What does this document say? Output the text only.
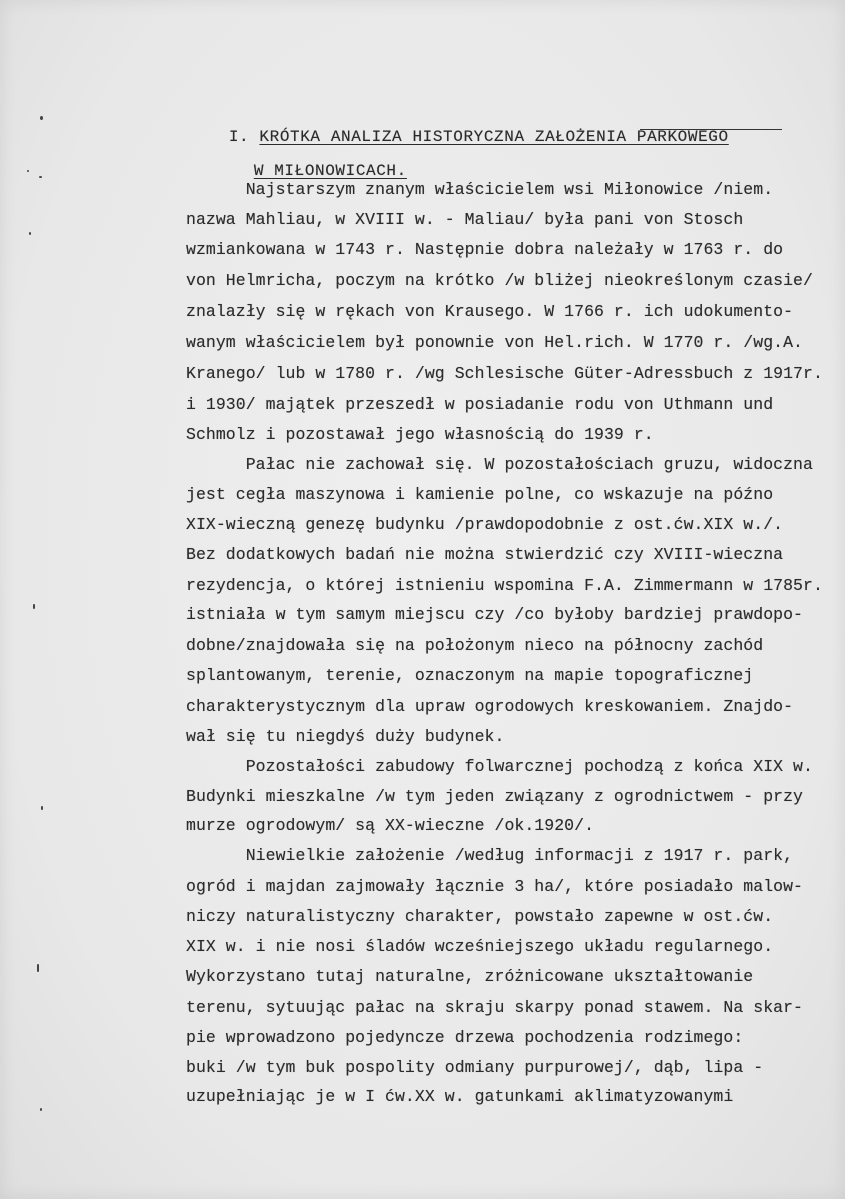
I. KRÓTKA ANALIZA HISTORYCZNA ZAŁOŻENIA PARKOWEGO

W MIŁONOWICACH.

Najstarszym znanym właścicielem wsi Miłonowice /niem.
nazwa Mahliau, w XVIII w. - Maliau/ była pani von Stosch
wzmiankowana w 1743 r. Następnie dobra należały w 1763 r. do
von Helmricha, poczym na krótko /w bliżej nieokreślonym czasie/
znalazły się w rękach von Krausego. W 1766 r. ich udokumento-
wanym właścicielem był ponownie von Hel.rich. W 1770 r. /wg.A.
Kranego/ lub w 1780 r. /wg Schlesische Güter-Adressbuch z 1917r.
i 1930/ majątek przeszedł w posiadanie rodu von Uthmann und
Schmolz i pozostawał jego własnością do 1939 r.
Pałac nie zachował się. W pozostałościach gruzu, widoczna
jest cegła maszynowa i kamienie polne, co wskazuje na późno
XIX-wieczną genezę budynku /prawdopodobnie z ost.ćw.XIX w./.
Bez dodatkowych badań nie można stwierdzić czy XVIII-wieczna
rezydencja, o której istnieniu wspomina F.A. Zimmermann w 1785r.
istniała w tym samym miejscu czy /co byłoby bardziej prawdopo-
dobne/znajdowała się na położonym nieco na północny zachód
splantowanym, terenie, oznaczonym na mapie topograficznej
charakterystycznym dla upraw ogrodowych kreskowaniem. Znajdo-
wał się tu niegdyś duży budynek.
Pozostałości zabudowy folwarcznej pochodzą z końca XIX w.
Budynki mieszkalne /w tym jeden związany z ogrodnictwem - przy
murze ogrodowym/ są XX-wieczne /ok.1920/.
Niewielkie założenie /według informacji z 1917 r. park,
ogród i majdan zajmowały łącznie 3 ha/, które posiadało malow-
niczy naturalistyczny charakter, powstało zapewne w ost.ćw.
XIX w. i nie nosi śladów wcześniejszego układu regularnego.
Wykorzystano tutaj naturalne, zróżnicowane ukształtowanie
terenu, sytuując pałac na skraju skarpy ponad stawem. Na skar-
pie wprowadzono pojedyncze drzewa pochodzenia rodzimego:
buki /w tym buk pospolity odmiany purpurowej/, dąb, lipa -
uzupełniając je w I ćw.XX w. gatunkami aklimatyzowanymi
